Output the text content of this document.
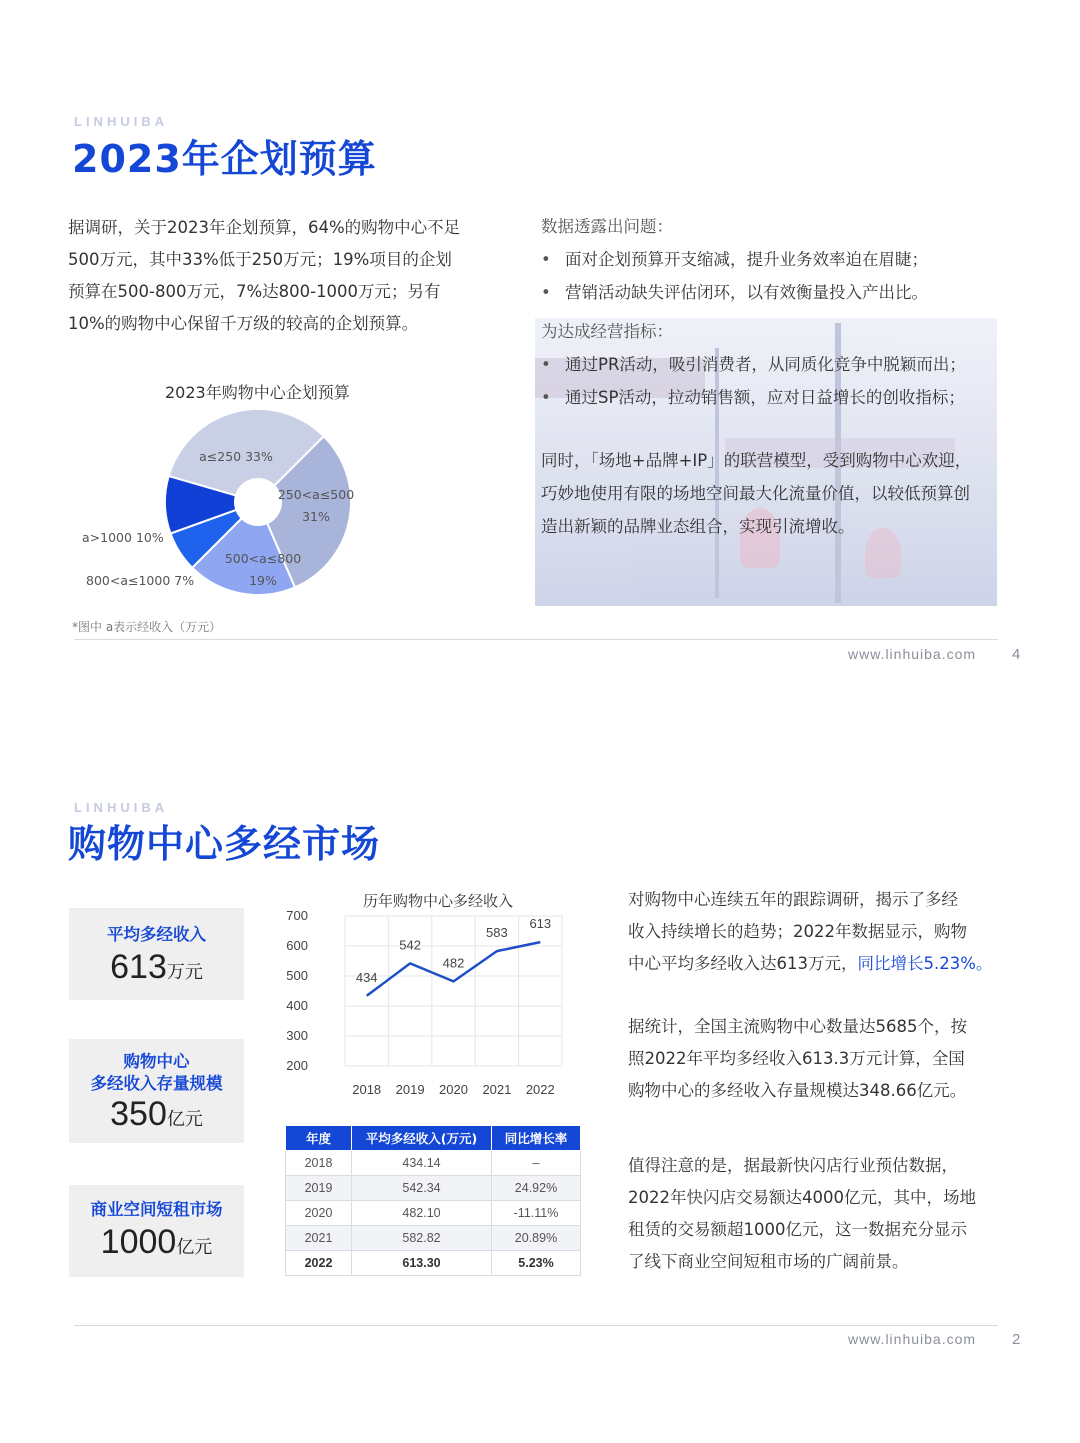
LINHUIBA
2023年企划预算
据调研，关于2023年企划预算，64%的购物中心不足
500万元，其中33%低于250万元；19%项目的企划
预算在500-800万元，7%达800-1000万元；另有
10%的购物中心保留千万级的较高的企划预算。
数据透露出问题：
• 面对企划预算开支缩减，提升业务效率迫在眉睫；
• 营销活动缺失评估闭环，以有效衡量投入产出比。
为达成经营指标：
• 通过PR活动，吸引消费者，从同质化竞争中脱颖而出；
• 通过SP活动，拉动销售额，应对日益增长的创收指标；
同时，「场地+品牌+IP」的联营模型，受到购物中心欢迎，
巧妙地使用有限的场地空间最大化流量价值，以较低预算创
造出新颖的品牌业态组合，实现引流增收。
2023年购物中心企划预算
a≤250 33%
250<a≤500
31%
500<a≤800
19%
800<a≤1000 7%
a>1000 10%
*图中 a表示经收入（万元）
www.linhuiba.com 4
LINHUIBA
购物中心多经市场
平均多经收入
613万元
购物中心
多经收入存量规模
350亿元
商业空间短租市场
1000亿元
历年购物中心多经收入
200
300
400
500
600
700
2018 2019 2020 2021 2022
434
542
482
583
613
年度	平均多经收入(万元)	同比增长率
2018	434.14	–
2019	542.34	24.92%
2020	482.10	-11.11%
2021	582.82	20.89%
2022	613.30	5.23%
对购物中心连续五年的跟踪调研，揭示了多经
收入持续增长的趋势；2022年数据显示，购物
中心平均多经收入达613万元，同比增长5.23%。
据统计，全国主流购物中心数量达5685个，按
照2022年平均多经收入613.3万元计算，全国
购物中心的多经收入存量规模达348.66亿元。
值得注意的是，据最新快闪店行业预估数据，
2022年快闪店交易额达4000亿元，其中，场地
租赁的交易额超1000亿元，这一数据充分显示
了线下商业空间短租市场的广阔前景。
www.linhuiba.com 2
